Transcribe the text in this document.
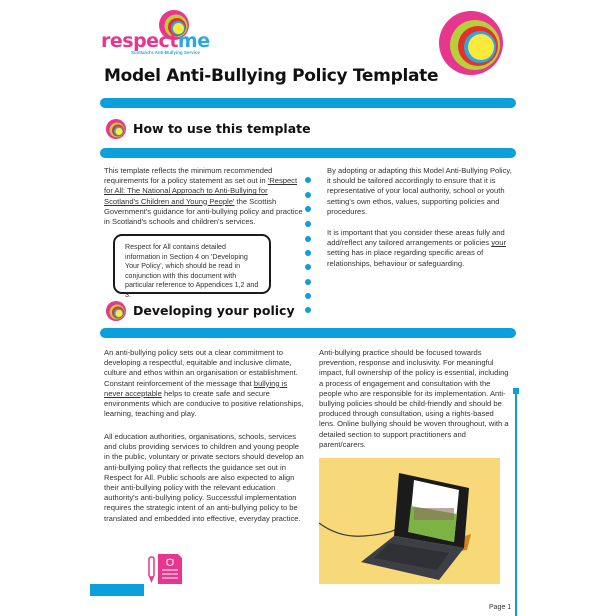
respectme
Scotland's Anti-Bullying Service
Model Anti-Bullying Policy Template
How to use this template
This template reflects the minimum recommended requirements for a policy statement as set out in 'Respect for All: The National Approach to Anti-Bullying for Scotland's Children and Young People' the Scottish Government's guidance for anti-bullying policy and practice in Scotland's schools and children's services.
Respect for All contains detailed information in Section 4 on 'Developing Your Policy', which should be read in conjunction with this document with particular reference to Appendices 1,2 and 3.
By adopting or adapting this Model Anti-Bullying Policy, it should be tailored accordingly to ensure that it is representative of your local authority, school or youth setting's own ethos, values, supporting policies and procedures.
It is important that you consider these areas fully and add/reflect any tailored arrangements or policies your setting has in place regarding specific areas of relationships, behaviour or safeguarding.
Developing your policy
An anti-bullying policy sets out a clear commitment to developing a respectful, equitable and inclusive climate, culture and ethos within an organisation or establishment. Constant reinforcement of the message that bullying is never acceptable helps to create safe and secure environments which are conducive to positive relationships, learning, teaching and play.
All education authorities, organisations, schools, services and clubs providing services to children and young people in the public, voluntary or private sectors should develop an anti-bullying policy that reflects the guidance set out in Respect for All. Public schools are also expected to align their anti-bullying policy with the relevant education authority's anti-bullying policy. Successful implementation requires the strategic intent of an anti-bullying policy to be translated and embedded into effective, everyday practice.
Anti-bullying practice should be focused towards prevention, response and inclusivity. For meaningful impact, full ownership of the policy is essential, including a process of engagement and consultation with the people who are responsible for its implementation. Anti-bullying policies should be child-friendly and should be produced through consultation, using a rights-based lens. Online bullying should be woven throughout, with a detailed section to support practitioners and parent/carers.
Page 1
